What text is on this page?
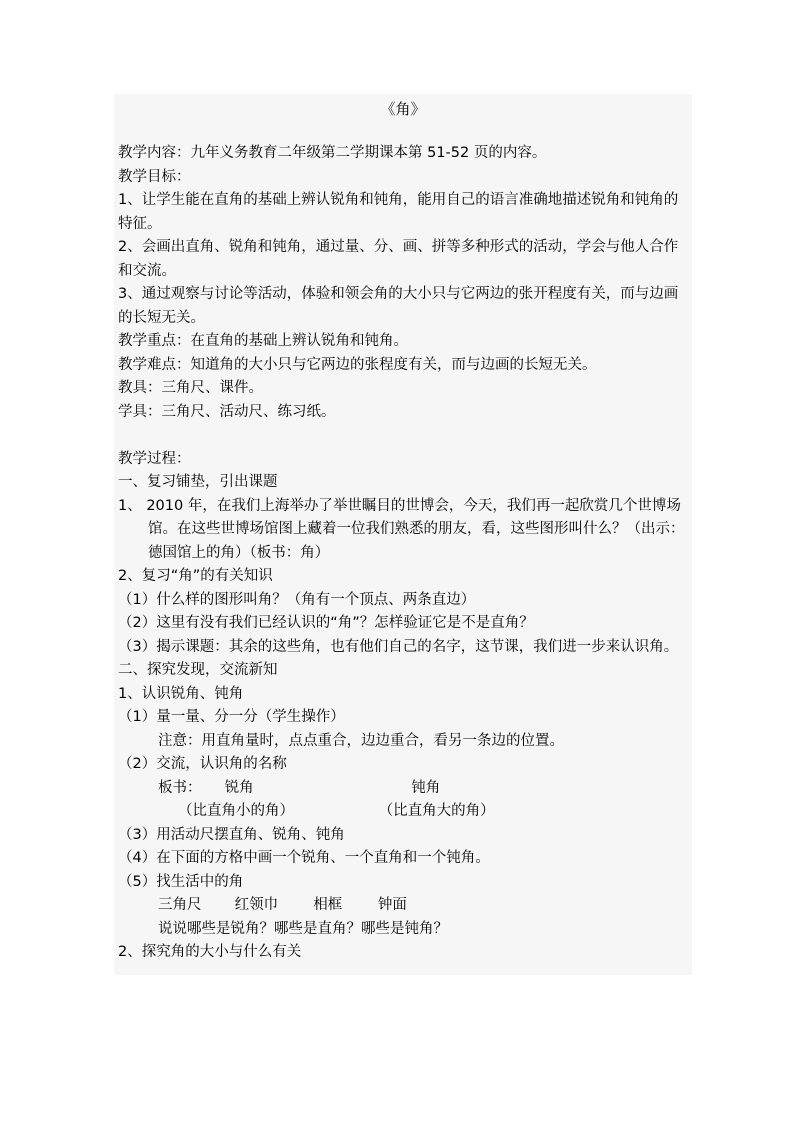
《角》
教学内容：九年义务教育二年级第二学期课本第 51-52 页的内容。
教学目标：
1、让学生能在直角的基础上辨认锐角和钝角，能用自己的语言准确地描述锐角和钝角的特征。
2、会画出直角、锐角和钝角，通过量、分、画、拼等多种形式的活动，学会与他人合作和交流。
3、通过观察与讨论等活动，体验和领会角的大小只与它两边的张开程度有关，而与边画的长短无关。
教学重点：在直角的基础上辨认锐角和钝角。
教学难点：知道角的大小只与它两边的张程度有关，而与边画的长短无关。
教具：三角尺、课件。
学具：三角尺、活动尺、练习纸。
教学过程：
一、复习铺垫，引出课题
1、 2010 年，在我们上海举办了举世瞩目的世博会，今天，我们再一起欣赏几个世博场馆。在这些世博场馆图上藏着一位我们熟悉的朋友，看，这些图形叫什么？（出示：德国馆上的角）（板书：角）
2、复习“角”的有关知识
（1）什么样的图形叫角？（角有一个顶点、两条直边）
（2）这里有没有我们已经认识的“角”？怎样验证它是不是直角？
（3）揭示课题：其余的这些角，也有他们自己的名字，这节课，我们进一步来认识角。
二、探究发现，交流新知
1、认识锐角、钝角
（1）量一量、分一分（学生操作）
注意：用直角量时，点点重合，边边重合，看另一条边的位置。
（2）交流，认识角的名称
板书： 锐角	钝角
（比直角小的角）	（比直角大的角）
（3）用活动尺摆直角、锐角、钝角
（4）在下面的方格中画一个锐角、一个直角和一个钝角。
（5）找生活中的角
三角尺 红领巾 相框 钟面
说说哪些是锐角？哪些是直角？哪些是钝角？
2、探究角的大小与什么有关
